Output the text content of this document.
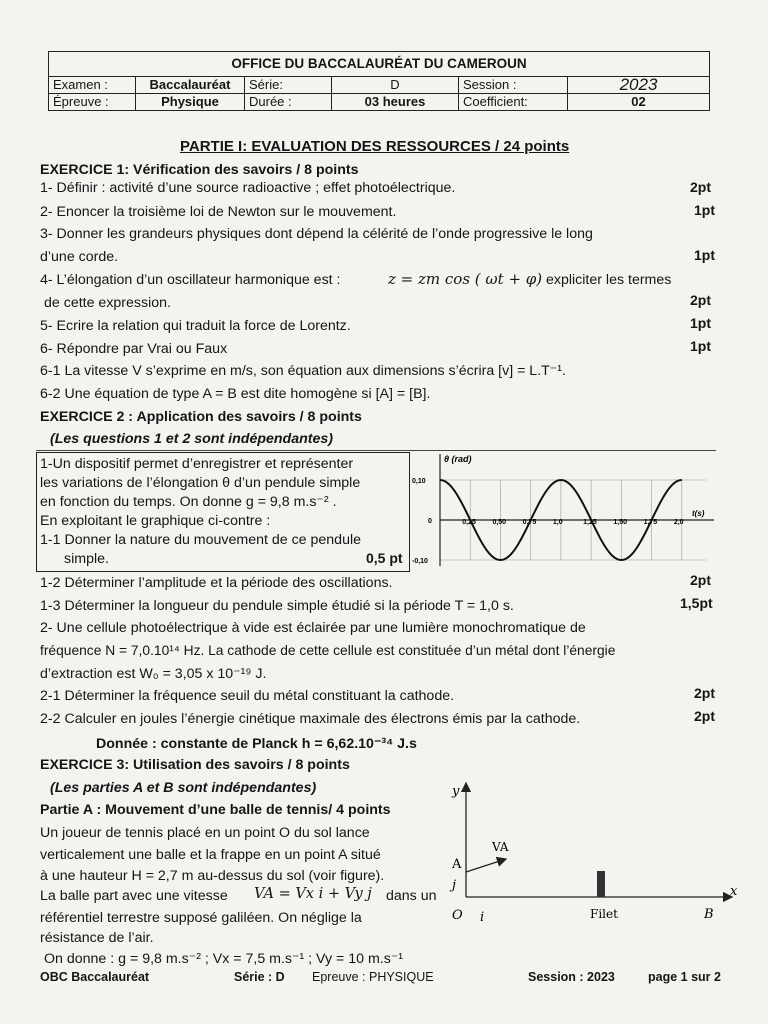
OFFICE DU BACCALAURÉAT DU CAMEROUN					
Examen :	Baccalauréat	Série:	D	Session :	2023
Épreuve :	Physique	Durée :	03 heures	Coefficient:	02
PARTIE I: EVALUATION DES RESSOURCES / 24 points
EXERCICE 1: Vérification des savoirs / 8 points
1- Définir : activité d’une source radioactive ; effet photoélectrique.	2pt
2- Enoncer la troisième loi de Newton sur le mouvement.	1pt
3- Donner les grandeurs physiques dont dépend la célérité de l’onde progressive le long
d’une corde.	1pt
4- L’élongation d’un oscillateur harmonique est :	z = zm cos ( ωt + φ) expliciter les termes
de cette expression.	2pt
5- Ecrire la relation qui traduit la force de Lorentz.	1pt
6- Répondre par Vrai ou Faux	1pt
6-1 La vitesse V s’exprime en m/s, son équation aux dimensions s’écrira [v] = L.T⁻¹.
6-2 Une équation de type A = B est dite homogène si [A] = [B].
EXERCICE 2 : Application des savoirs / 8 points
(Les questions 1 et 2 sont indépendantes)
1-Un dispositif permet d’enregistrer et représenter
les variations de l’élongation θ d’un pendule simple
en fonction du temps. On donne g = 9,8 m.s⁻² .
En exploitant le graphique ci-contre :
1-1 Donner la nature du mouvement de ce pendule
simple.	0,5 pt
θ (rad)
t(s)
0,10
0
-0,10
0,25 0,50 0,75 1,0	1,25 1,50 1,75 2,0
1-2 Déterminer l’amplitude et la période des oscillations.	2pt
1-3 Déterminer la longueur du pendule simple étudié si la période T = 1,0 s.	1,5pt
2- Une cellule photoélectrique à vide est éclairée par une lumière monochromatique de
fréquence N = 7,0.10¹⁴ Hz. La cathode de cette cellule est constituée d’un métal dont l’énergie
d’extraction est W₀ = 3,05 x 10⁻¹⁹ J.
2-1 Déterminer la fréquence seuil du métal constituant la cathode.	2pt
2-2 Calculer en joules l’énergie cinétique maximale des électrons émis par la cathode.	2pt
Donnée : constante de Planck h = 6,62.10⁻³⁴ J.s
EXERCICE 3: Utilisation des savoirs / 8 points
(Les parties A et B sont indépendantes)
Partie A : Mouvement d’une balle de tennis/ 4 points
Un joueur de tennis placé en un point O du sol lance
verticalement une balle et la frappe en un point A situé
à une hauteur H = 2,7 m au-dessus du sol (voir figure).
La balle part avec une vitesse VA = Vx i + Vy j dans un
référentiel terrestre supposé galiléen. On néglige la
résistance de l’air.
On donne : g = 9,8 m.s⁻² ; Vx = 7,5 m.s⁻¹ ; Vy = 10 m.s⁻¹
y
x
A
j
O i
VA
Filet	B
OBC Baccalauréat	Série : D Epreuve : PHYSIQUE	Session : 2023	page 1 sur 2
